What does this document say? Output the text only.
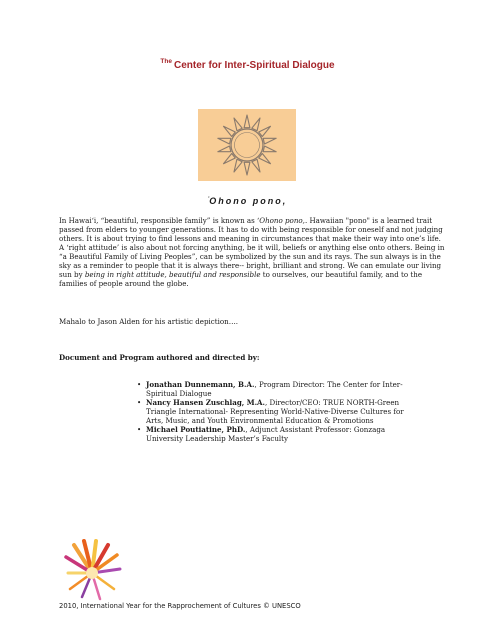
$^{The}$ Center for Inter-Spiritual Dialogue
‘Ohono pono,

In Hawai‘i, “beautiful, responsible family” is known as ‘Ohono pono,. Hawaiian "pono" is a learned trait passed from elders to younger generations. It has to do with being responsible for oneself and not judging others. It is about trying to find lessons and meaning in circumstances that make their way into one’s life. A ‘right attitude’ is also about not forcing anything, be it will, beliefs or anything else onto others. Being in “a Beautiful Family of Living Peoples”, can be symbolized by the sun and its rays. The sun always is in the sky as a reminder to people that it is always there-- bright, brilliant and strong. We can emulate our living sun by being in right attitude, beautiful and responsible to ourselves, our beautiful family, and to the families of people around the globe.

Mahalo to Jason Alden for his artistic depiction….

Document and Program authored and directed by:

• Jonathan Dunnemann, B.A., Program Director: The Center for Inter-Spiritual Dialogue
• Nancy Hansen Zuschlag, M.A., Director/CEO: TRUE NORTH-Green Triangle International- Representing World-Native-Diverse Cultures for Arts, Music, and Youth Environmental Education & Promotions
• Michael Poutiatine, PhD., Adjunct Assistant Professor: Gonzaga University Leadership Master’s Faculty
2010, International Year for the Rapprochement of Cultures © UNESCO
